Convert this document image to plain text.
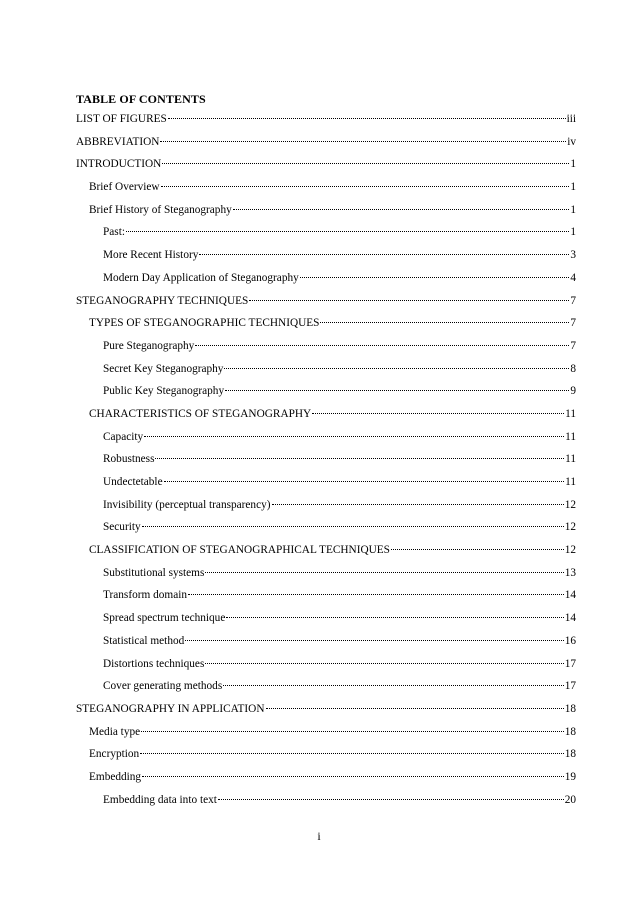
TABLE OF CONTENTS
LIST OF FIGURES	iii
ABBREVIATION	iv
INTRODUCTION	1
Brief Overview	1
Brief History of Steganography	1
Past:	1
More Recent History	3
Modern Day Application of Steganography	4
STEGANOGRAPHY TECHNIQUES	7
TYPES OF STEGANOGRAPHIC TECHNIQUES	7
Pure Steganography	7
Secret Key Steganography	8
Public Key Steganography	9
CHARACTERISTICS OF STEGANOGRAPHY	11
Capacity	11
Robustness	11
Undectetable	11
Invisibility (perceptual transparency)	12
Security	12
CLASSIFICATION OF STEGANOGRAPHICAL TECHNIQUES	12
Substitutional systems	13
Transform domain	14
Spread spectrum technique	14
Statistical method	16
Distortions techniques	17
Cover generating methods	17
STEGANOGRAPHY IN APPLICATION	18
Media type	18
Encryption	18
Embedding	19
Embedding data into text	20
i
